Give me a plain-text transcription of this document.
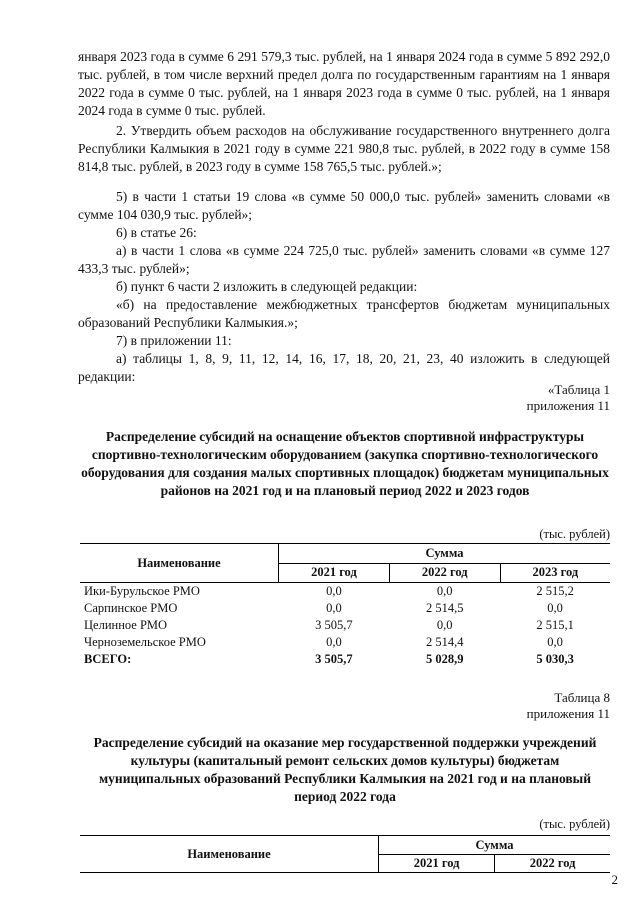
января 2023 года в сумме 6 291 579,3 тыс. рублей, на 1 января 2024 года в сумме 5 892 292,0 тыс. рублей, в том числе верхний предел долга по государственным гарантиям на 1 января 2022 года в сумме 0 тыс. рублей, на 1 января 2023 года в сумме 0 тыс. рублей, на 1 января 2024 года в сумме 0 тыс. рублей.

2. Утвердить объем расходов на обслуживание государственного внутреннего долга Республики Калмыкия в 2021 году в сумме 221 980,8 тыс. рублей, в 2022 году в сумме 158 814,8 тыс. рублей, в 2023 году в сумме 158 765,5 тыс. рублей.»;

5) в части 1 статьи 19 слова «в сумме 50 000,0 тыс. рублей» заменить словами «в сумме 104 030,9 тыс. рублей»;

6) в статье 26:

а) в части 1 слова «в сумме 224 725,0 тыс. рублей» заменить словами «в сумме 127 433,3 тыс. рублей»;

б) пункт 6 части 2 изложить в следующей редакции:

«б) на предоставление межбюджетных трансфертов бюджетам муниципальных образований Республики Калмыкия.»;

7) в приложении 11:

а) таблицы 1, 8, 9, 11, 12, 14, 16, 17, 18, 20, 21, 23, 40 изложить в следующей редакции:

«Таблица 1
приложения 11
Распределение субсидий на оснащение объектов спортивной инфраструктуры спортивно-технологическим оборудованием (закупка спортивно-технологического оборудования для создания малых спортивных площадок) бюджетам муниципальных районов на 2021 год и на плановый период 2022 и 2023 годов
(тыс. рублей)
Наименование	Сумма		
	2021 год	2022 год	2023 год
Ики-Бурульское РМО	0,0	0,0	2 515,2
Сарпинское РМО	0,0	2 514,5	0,0
Целинное РМО	3 505,7	0,0	2 515,1
Черноземельское РМО	0,0	2 514,4	0,0
ВСЕГО:	3 505,7	5 028,9	5 030,3
Таблица 8
приложения 11
Распределение субсидий на оказание мер государственной поддержки учреждений культуры (капитальный ремонт сельских домов культуры) бюджетам муниципальных образований Республики Калмыкия на 2021 год и на плановый период 2022 года
(тыс. рублей)
Наименование	Сумма	
	2021 год	2022 год
2
